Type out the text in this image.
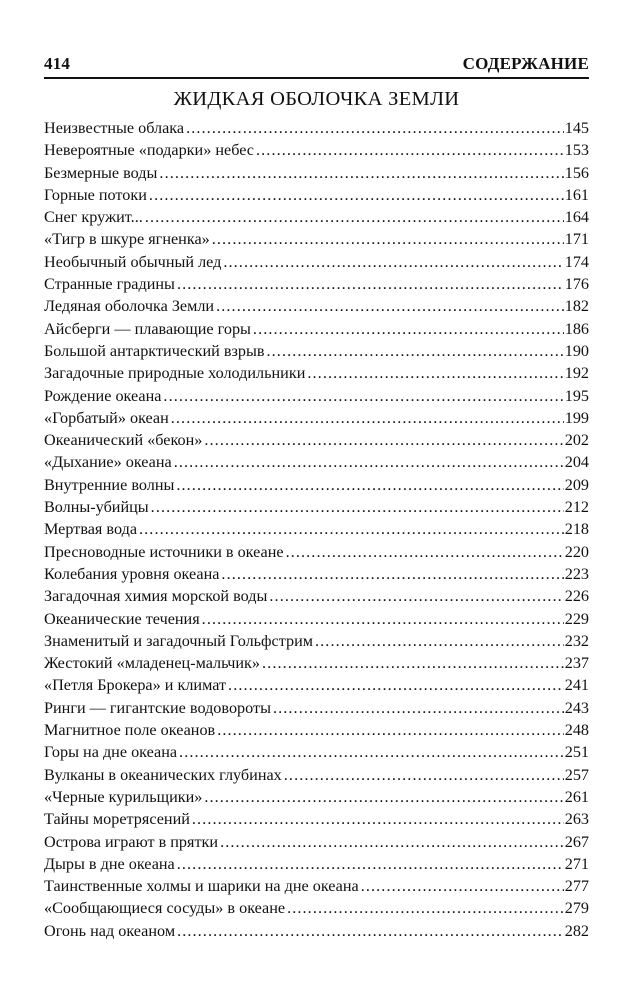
414	СОДЕРЖАНИЕ
ЖИДКАЯ ОБОЛОЧКА ЗЕМЛИ
Неизвестные облака .....	145
Невероятные «подарки» небес .....	153
Безмерные воды .....	156
Горные потоки .....	161
Снег кружит... .....	164
«Тигр в шкуре ягненка» .....	171
Необычный обычный лед .....	174
Странные градины .....	176
Ледяная оболочка Земли .....	182
Айсберги — плавающие горы .....	186
Большой антарктический взрыв .....	190
Загадочные природные холодильники .....	192
Рождение океана .....	195
«Горбатый» океан .....	199
Океанический «бекон» .....	202
«Дыхание» океана .....	204
Внутренние волны .....	209
Волны-убийцы .....	212
Мертвая вода .....	218
Пресноводные источники в океане .....	220
Колебания уровня океана .....	223
Загадочная химия морской воды .....	226
Океанические течения .....	229
Знаменитый и загадочный Гольфстрим .....	232
Жестокий «младенец-мальчик» .....	237
«Петля Брокера» и климат .....	241
Ринги — гигантские водовороты .....	243
Магнитное поле океанов .....	248
Горы на дне океана .....	251
Вулканы в океанических глубинах .....	257
«Черные курильщики» .....	261
Тайны моретрясений .....	263
Острова играют в прятки .....	267
Дыры в дне океана .....	271
Таинственные холмы и шарики на дне океана .....	277
«Сообщающиеся сосуды» в океане .....	279
Огонь над океаном .....	282
